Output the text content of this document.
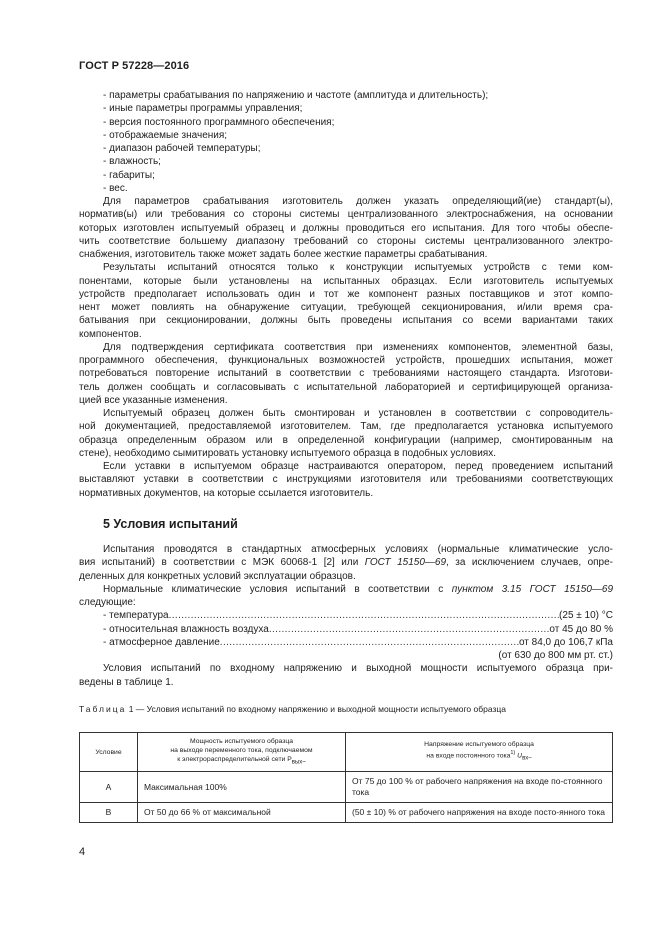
ГОСТ Р 57228—2016

- параметры срабатывания по напряжению и частоте (амплитуда и длительность);

- иные параметры программы управления;

- версия постоянного программного обеспечения;

- отображаемые значения;

- диапазон рабочей температуры;

- влажность;

- габариты;

- вес.

Для параметров срабатывания изготовитель должен указать определяющий(ие) стандарт(ы),
норматив(ы) или требования со стороны системы централизованного электроснабжения, на основании
которых изготовлен испытуемый образец и должны проводиться его испытания. Для того чтобы обеспе-
чить соответствие большему диапазону требований со стороны системы централизованного электро-
снабжения, изготовитель также может задать более жесткие параметры срабатывания.

Результаты испытаний относятся только к конструкции испытуемых устройств с теми ком-
понентами, которые были установлены на испытанных образцах. Если изготовитель испытуемых
устройств предполагает использовать один и тот же компонент разных поставщиков и этот компо-
нент может повлиять на обнаружение ситуации, требующей секционирования, и/или время сра-
батывания при секционировании, должны быть проведены испытания со всеми вариантами таких
компонентов.

Для подтверждения сертификата соответствия при изменениях компонентов, элементной базы,
программного обеспечения, функциональных возможностей устройств, прошедших испытания, может
потребоваться повторение испытаний в соответствии с требованиями настоящего стандарта. Изготови-
тель должен сообщать и согласовывать с испытательной лабораторией и сертифицирующей организа-
цией все указанные изменения.

Испытуемый образец должен быть смонтирован и установлен в соответствии с сопроводитель-
ной документацией, предоставляемой изготовителем. Там, где предполагается установка испытуемого
образца определенным образом или в определенной конфигурации (например, смонтированным на
стене), необходимо сымитировать установку испытуемого образца в подобных условиях.

Если уставки в испытуемом образце настраиваются оператором, перед проведением испытаний
выставляют уставки в соответствии с инструкциями изготовителя или требованиями соответствующих
нормативных документов, на которые ссылается изготовитель.

5 Условия испытаний

Испытания проводятся в стандартных атмосферных условиях (нормальные климатические усло-
вия испытаний) в соответствии с МЭК 60068-1 [2] или ГОСТ 15150—69, за исключением случаев, опре-
деленных для конкретных условий эксплуатации образцов.

Нормальные климатические условия испытаний в соответствии с пунктом 3.15 ГОСТ 15150—69
следующие:

- температура . . .	(25 ± 10) °С
- относительная влажность воздуха . . .	от 45 до 80 %
- атмосферное давление . . .	от 84,0 до 106,7 кПа

(от 630 до 800 мм рт. ст.)

Условия испытаний по входному напряжению и выходной мощности испытуемого образца при-
ведены в таблице 1.

Таблица 1 — Условия испытаний по входному напряжению и выходной мощности испытуемого образца

Условие	Мощность испытуемого образца
на выходе переменного тока, подключаемом
к электрораспределительной сети $P_{вых\sim}$	Напряжение испытуемого образца
на входе постоянного тока$^{1)}$ $U_{вх-}$
А	Максимальная 100%	От 75 до 100 % от рабочего напряжения на входе по-стоянного тока
В	От 50 до 66 % от максимальной	(50 ± 10) % от рабочего напряжения на входе посто-янного тока
4
